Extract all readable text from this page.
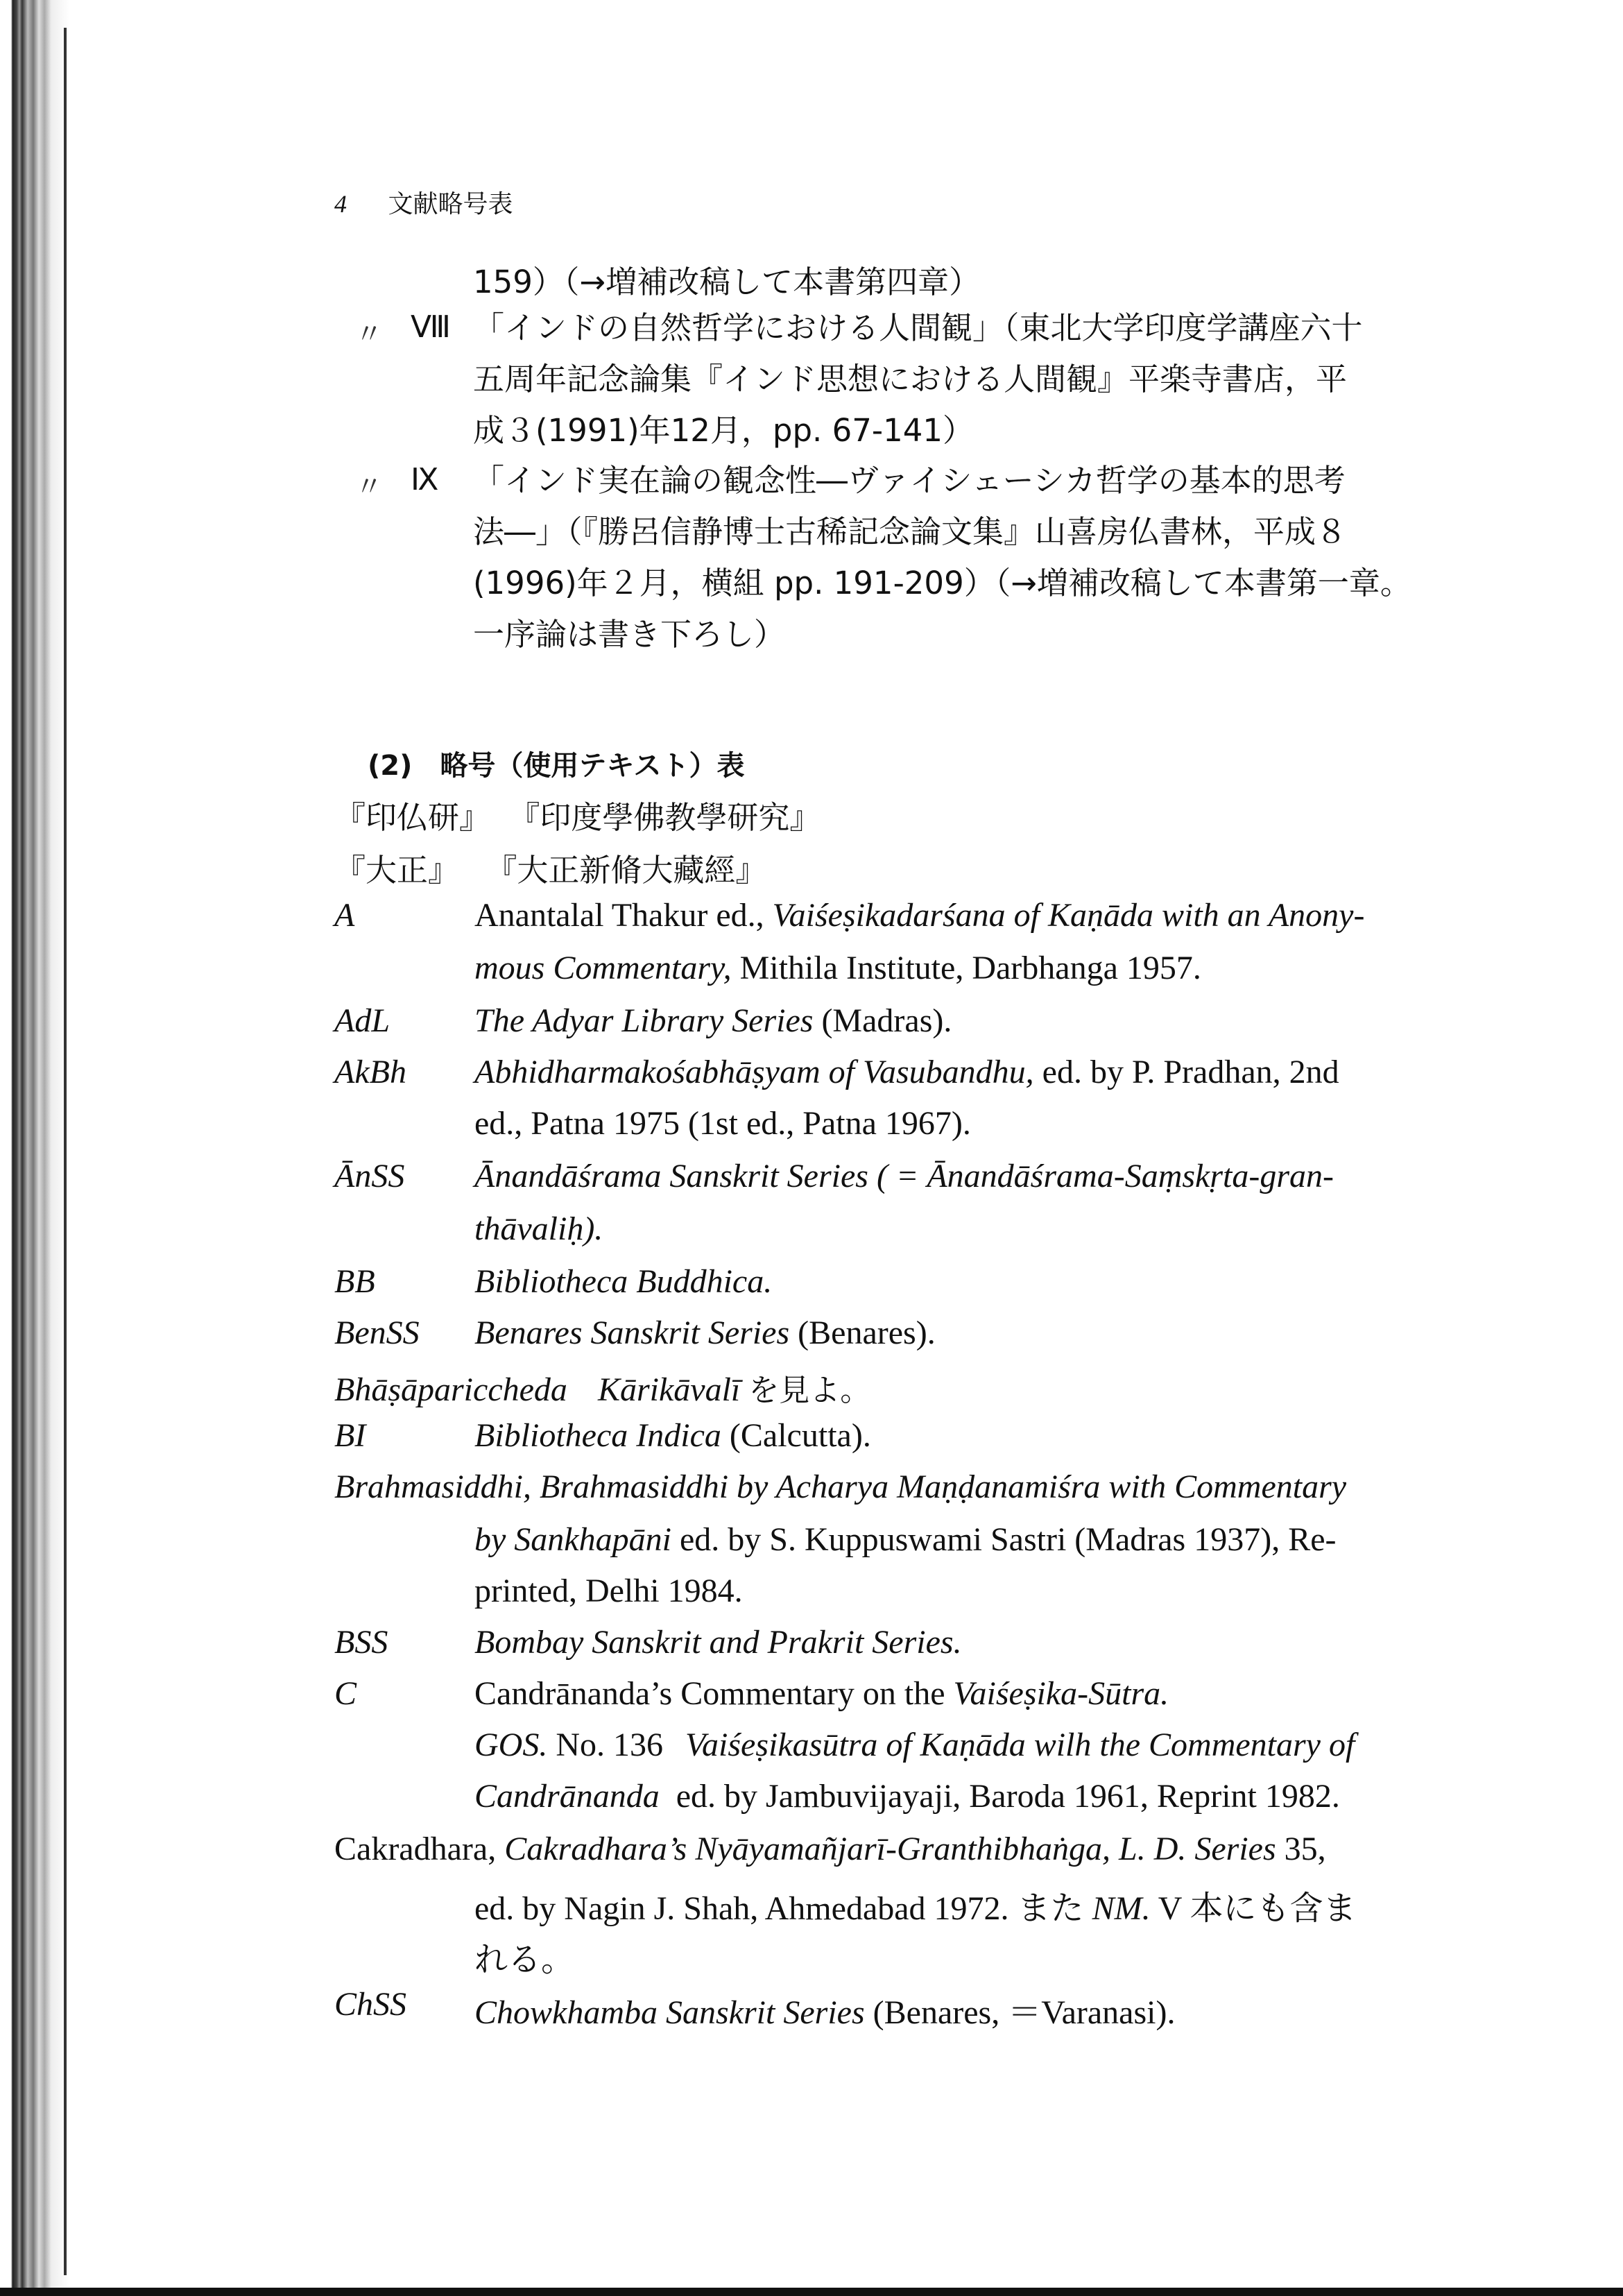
4 文献略号表
159）（→増補改稿して本書第四章）
〃 Ⅷ 「インドの自然哲学における人間観」（東北大学印度学講座六十
五周年記念論集『インド思想における人間観』平楽寺書店，平
成３(1991)年12月，pp. 67-141）
〃 Ⅸ 「インド実在論の観念性―ヴァイシェーシカ哲学の基本的思考
法―」（『勝呂信静博士古稀記念論文集』山喜房仏書林，平成８
(1996)年２月，横組 pp. 191-209）（→増補改稿して本書第一章。
一序論は書き下ろし）
(2) 略号（使用テキスト）表
『印仏研』 『印度學佛教學研究』
『大正』 『大正新脩大藏經』
A	Anantalal Thakur ed., Vaiśeṣikadarśana of Kaṇāda with an Anony-
mous Commentary, Mithila Institute, Darbhanga 1957.
AdL	The Adyar Library Series (Madras).
AkBh Abhidharmakośabhāṣyam of Vasubandhu, ed. by P. Pradhan, 2nd
ed., Patna 1975 (1st ed., Patna 1967).
ĀnSS Ānandāśrama Sanskrit Series ( = Ānandāśrama-Saṃskṛta-gran-
thāvaliḥ).
BB	Bibliotheca Buddhica.
BenSS Benares Sanskrit Series (Benares).
Bhāṣāpariccheda Kārikāvalī を見よ。
BI	Bibliotheca Indica (Calcutta).
Brahmasiddhi, Brahmasiddhi by Acharya Maṇḍanamiśra with Commentary
by Sankhapāni ed. by S. Kuppuswami Sastri (Madras 1937), Re-
printed, Delhi 1984.
BSS	Bombay Sanskrit and Prakrit Series.
C	Candrānanda’s Commentary on the Vaiśeṣika-Sūtra.
GOS. No. 136 Vaiśeṣikasūtra of Kaṇāda wilh the Commentary of
Candrānanda ed. by Jambuvijayaji, Baroda 1961, Reprint 1982.
Cakradhara, Cakradhara’s Nyāyamañjarī-Granthibhaṅga, L. D. Series 35,
ed. by Nagin J. Shah, Ahmedabad 1972. また NM. V 本にも含ま
れる。
ChSS Chowkhamba Sanskrit Series (Benares, ＝Varanasi).
